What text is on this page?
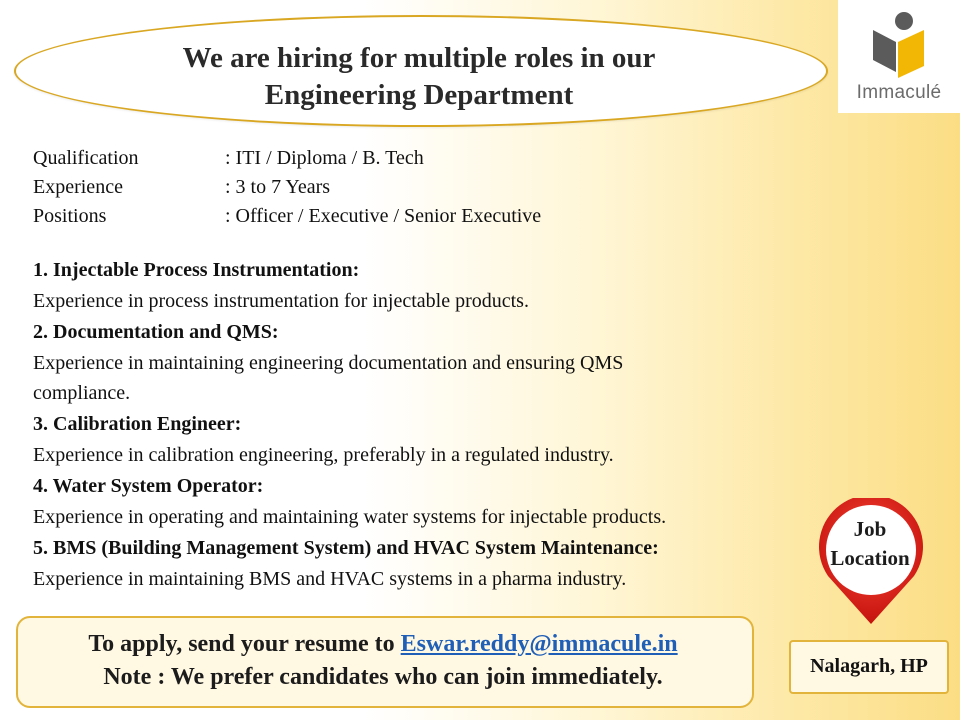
We are hiring for multiple roles in our
Engineering Department	Immaculé
Qualification	: ITI / Diploma / B. Tech
Experience	: 3 to 7 Years
Positions	: Officer / Executive / Senior Executive
1. Injectable Process Instrumentation:
Experience in process instrumentation for injectable products.
2. Documentation and QMS:
Experience in maintaining engineering documentation and ensuring QMS
compliance.
3. Calibration Engineer:
Experience in calibration engineering, preferably in a regulated industry.
4. Water System Operator:
Experience in operating and maintaining water systems for injectable products.
5. BMS (Building Management System) and HVAC System Maintenance:
Experience in maintaining BMS and HVAC systems in a pharma industry.
To apply, send your resume to Eswar.reddy@immacule.in
Note : We prefer candidates who can join immediately.
Job
Location
Nalagarh, HP
